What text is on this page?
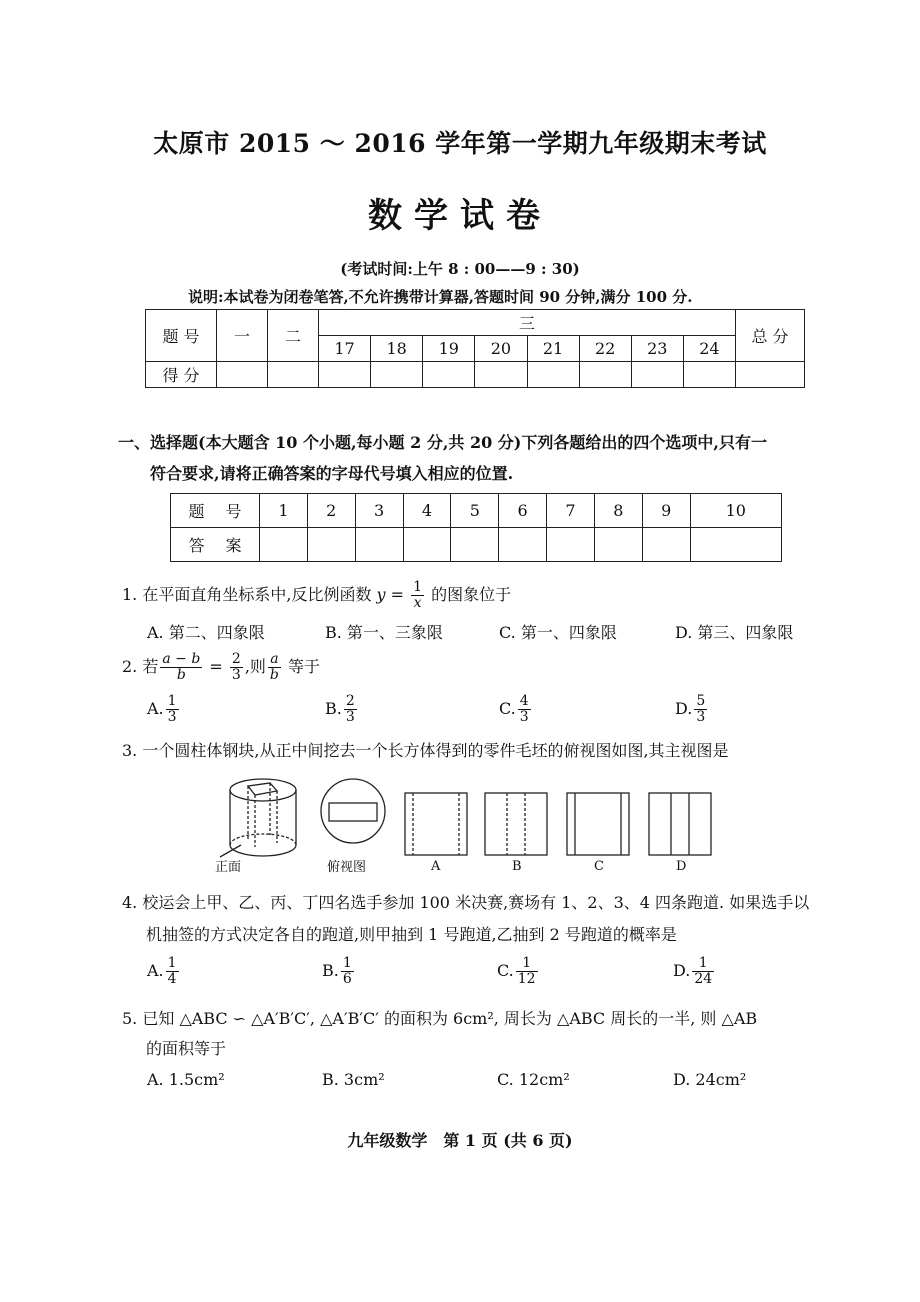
太原市 2015 ～ 2016 学年第一学期九年级期末考试
数学试卷
(考试时间:上午 8 : 00——9 : 30)
说明:本试卷为闭卷笔答,不允许携带计算器,答题时间 90 分钟,满分 100 分.
题 号	一	二	三								总 分
			17	18	19	20	21	22	23	24	
得 分											
一、选择题(本大题含 10 个小题,每小题 2 分,共 20 分)下列各题给出的四个选项中,只有一
符合要求,请将正确答案的字母代号填入相应的位置.
题　 号	1	2	3	4	5	6	7	8	9	10
答　 案										
1. 在平面直角坐标系中,反比例函数 $y = \frac{1}{x}$ 的图象位于
A. 第二、四象限	B. 第一、三象限	C. 第一、四象限	D. 第三、四象限
2. 若 $\frac{a - b}{b} = \frac{2}{3}$ ,则 $\frac{a}{b}$ 等于
A. $\frac{1}{3}$	B. $\frac{2}{3}$	C. $\frac{4}{3}$	D. $\frac{5}{3}$
3. 一个圆柱体钢块,从正中间挖去一个长方体得到的零件毛坯的俯视图如图,其主视图是
正面	俯视图	A	B	C	D
4. 校运会上甲、乙、丙、丁四名选手参加 100 米决赛,赛场有 1、2、3、4 四条跑道. 如果选手以
机抽签的方式决定各自的跑道,则甲抽到 1 号跑道,乙抽到 2 号跑道的概率是
A. $\frac{1}{4}$	B. $\frac{1}{6}$	C. $\frac{1}{12}$	D. $\frac{1}{24}$
5. 已知 △ABC ∽ △A′B′C′, △A′B′C′ 的面积为 6cm², 周长为 △ABC 周长的一半, 则 △AB
的面积等于
A. 1.5cm²	B. 3cm²	C. 12cm²	D. 24cm²
九年级数学　第 1 页 (共 6 页)
